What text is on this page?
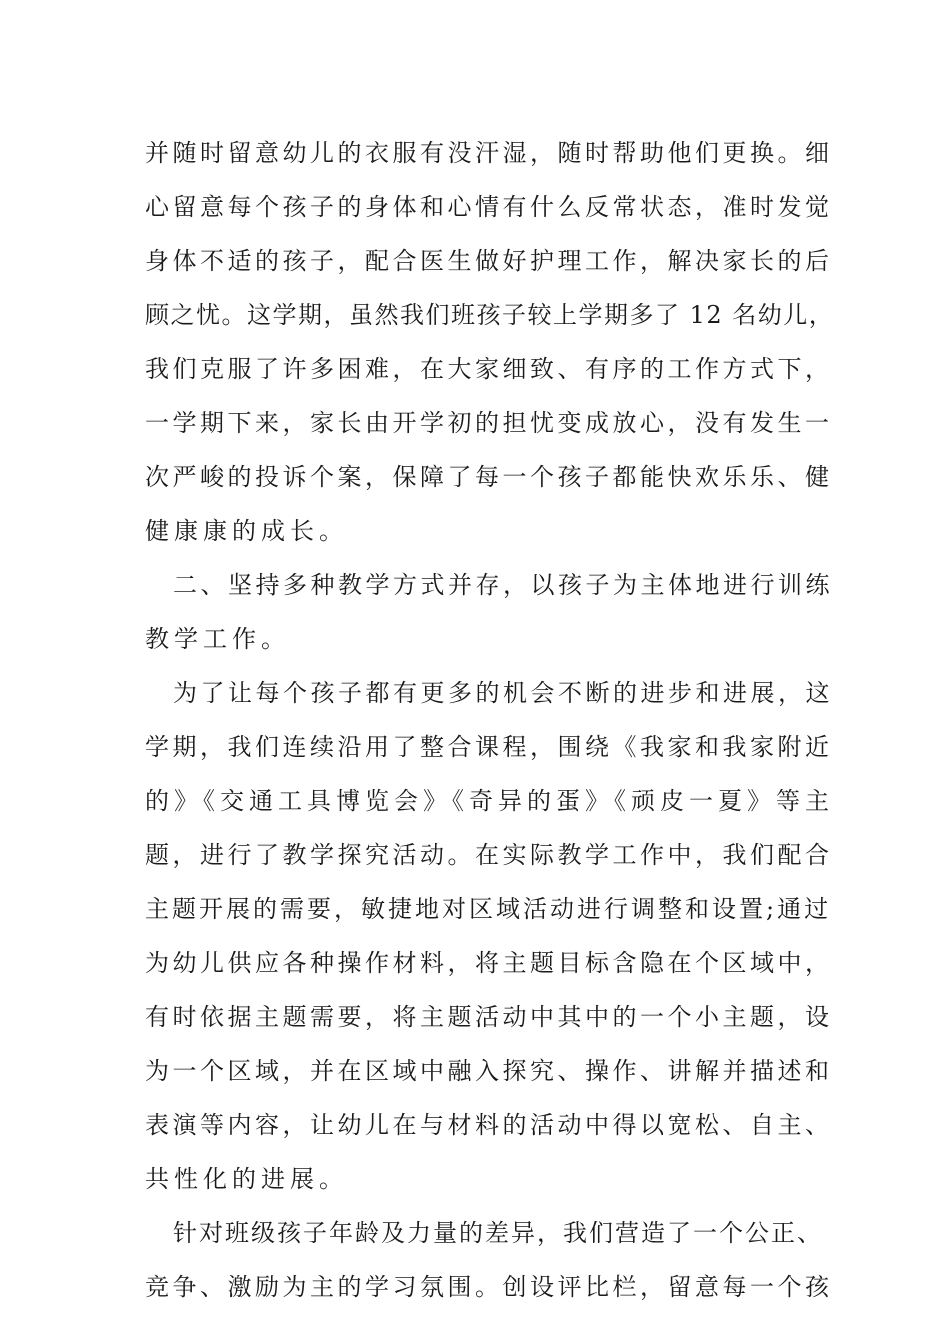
并随时留意幼儿的衣服有没汗湿，随时帮助他们更换。细
心留意每个孩子的身体和心情有什么反常状态，准时发觉
身体不适的孩子，配合医生做好护理工作，解决家长的后
顾之忧。这学期，虽然我们班孩子较上学期多了 12 名幼儿，
我们克服了许多困难，在大家细致、有序的工作方式下，
一学期下来，家长由开学初的担忧变成放心，没有发生一
次严峻的投诉个案，保障了每一个孩子都能快欢乐乐、健
健康康的成长。
二、坚持多种教学方式并存，以孩子为主体地进行训练
教学工作。
为了让每个孩子都有更多的机会不断的进步和进展，这
学期，我们连续沿用了整合课程，围绕《我家和我家附近
的》《交通工具博览会》《奇异的蛋》《顽皮一夏》等主
题，进行了教学探究活动。在实际教学工作中，我们配合
主题开展的需要，敏捷地对区域活动进行调整和设置;通过
为幼儿供应各种操作材料，将主题目标含隐在个区域中，
有时依据主题需要，将主题活动中其中的一个小主题，设
为一个区域，并在区域中融入探究、操作、讲解并描述和
表演等内容，让幼儿在与材料的活动中得以宽松、自主、
共性化的进展。
针对班级孩子年龄及力量的差异，我们营造了一个公正、
竞争、激励为主的学习氛围。创设评比栏，留意每一个孩
